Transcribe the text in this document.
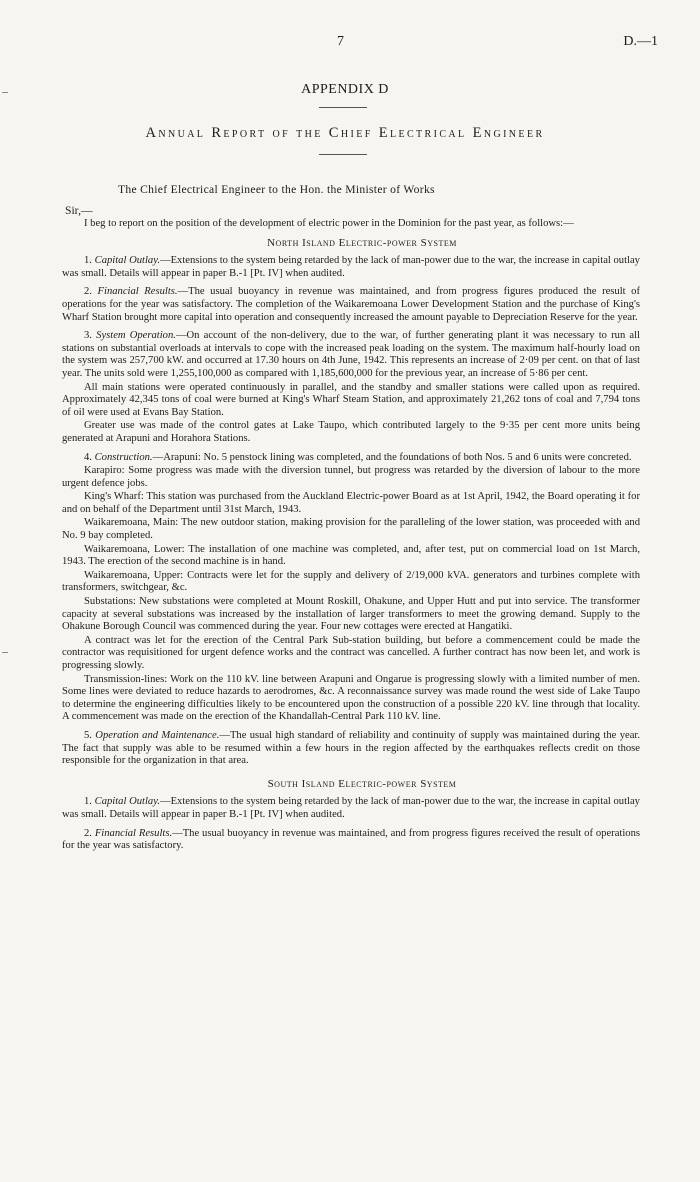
7	D.—1
APPENDIX D
Annual Report of the Chief Electrical Engineer
The Chief Electrical Engineer to the Hon. the Minister of Works
Sir,—

I beg to report on the position of the development of electric power in the Dominion for the past year, as follows:—

North Island Electric-power System

1. Capital Outlay.—Extensions to the system being retarded by the lack of man-power due to the war, the increase in capital outlay was small. Details will appear in paper B.-1 [Pt. IV] when audited.

2. Financial Results.—The usual buoyancy in revenue was maintained, and from progress figures produced the result of operations for the year was satisfactory. The completion of the Waikaremoana Lower Development Station and the purchase of King's Wharf Station brought more capital into operation and consequently increased the amount payable to Depreciation Reserve for the year.

3. System Operation.—On account of the non-delivery, due to the war, of further generating plant it was necessary to run all stations on substantial overloads at intervals to cope with the increased peak loading on the system. The maximum half-hourly load on the system was 257,700 kW. and occurred at 17.30 hours on 4th June, 1942. This represents an increase of 2·09 per cent. on that of last year. The units sold were 1,255,100,000 as compared with 1,185,600,000 for the previous year, an increase of 5·86 per cent.

All main stations were operated continuously in parallel, and the standby and smaller stations were called upon as required. Approximately 42,345 tons of coal were burned at King's Wharf Steam Station, and approximately 21,262 tons of coal and 7,794 tons of oil were used at Evans Bay Station.

Greater use was made of the control gates at Lake Taupo, which contributed largely to the 9·35 per cent more units being generated at Arapuni and Horahora Stations.

4. Construction.—Arapuni: No. 5 penstock lining was completed, and the foundations of both Nos. 5 and 6 units were concreted.

Karapiro: Some progress was made with the diversion tunnel, but progress was retarded by the diversion of labour to the more urgent defence jobs.

King's Wharf: This station was purchased from the Auckland Electric-power Board as at 1st April, 1942, the Board operating it for and on behalf of the Department until 31st March, 1943.

Waikaremoana, Main: The new outdoor station, making provision for the paralleling of the lower station, was proceeded with and No. 9 bay completed.

Waikaremoana, Lower: The installation of one machine was completed, and, after test, put on commercial load on 1st March, 1943. The erection of the second machine is in hand.

Waikaremoana, Upper: Contracts were let for the supply and delivery of 2/19,000 kVA. generators and turbines complete with transformers, switchgear, &c.

Substations: New substations were completed at Mount Roskill, Ohakune, and Upper Hutt and put into service. The transformer capacity at several substations was increased by the installation of larger transformers to meet the growing demand. Supply to the Ohakune Borough Council was commenced during the year. Four new cottages were erected at Hangatiki.

A contract was let for the erection of the Central Park Sub-station building, but before a commencement could be made the contractor was requisitioned for urgent defence works and the contract was cancelled. A further contract has now been let, and work is progressing slowly.

Transmission-lines: Work on the 110 kV. line between Arapuni and Ongarue is progressing slowly with a limited number of men. Some lines were deviated to reduce hazards to aerodromes, &c. A reconnaissance survey was made round the west side of Lake Taupo to determine the engineering difficulties likely to be encountered upon the construction of a possible 220 kV. line through that locality. A commencement was made on the erection of the Khandallah-Central Park 110 kV. line.

5. Operation and Maintenance.—The usual high standard of reliability and continuity of supply was maintained during the year. The fact that supply was able to be resumed within a few hours in the region affected by the earthquakes reflects credit on those responsible for the organization in that area.

South Island Electric-power System

1. Capital Outlay.—Extensions to the system being retarded by the lack of man-power due to the war, the increase in capital outlay was small. Details will appear in paper B.-1 [Pt. IV] when audited.

2. Financial Results.—The usual buoyancy in revenue was maintained, and from progress figures received the result of operations for the year was satisfactory.
